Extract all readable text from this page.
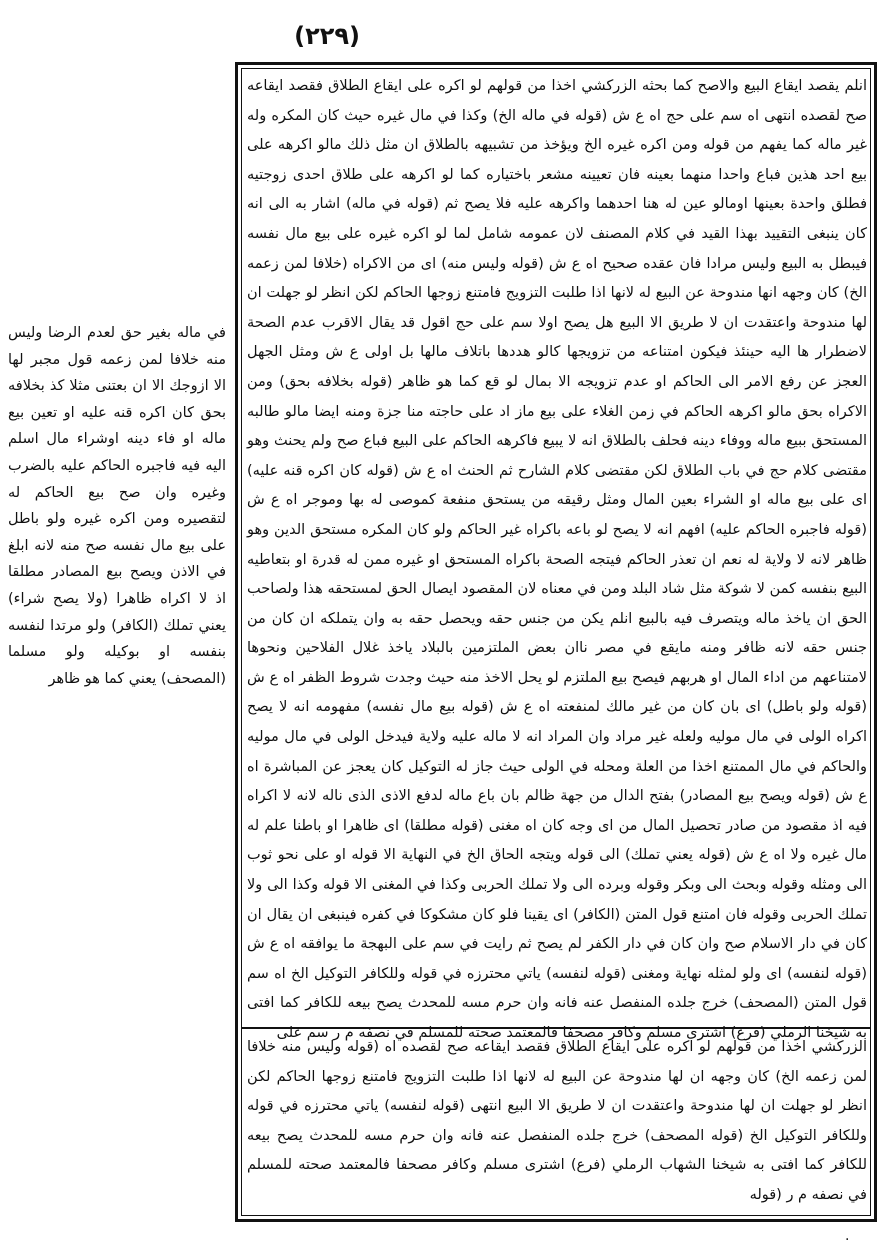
(٢٢٩)
انلم يقصد ايقاع البيع والاصح كما بحثه الزركشي اخذا من قولهم لو اكره على ايقاع الطلاق فقصد ايقاعه صح لقصده انتهى اه سم على حج اه ع ش (قوله في ماله الخ) وكذا في مال غيره حيث كان المكره وله غير ماله كما يفهم من قوله ومن اكره غيره الخ ويؤخذ من تشبيهه بالطلاق ان مثل ذلك مالو اكرهه على بيع احد هذين فباع واحدا منهما بعينه فان تعيينه مشعر باختياره كما لو اكرهه على طلاق احدى زوجتيه فطلق واحدة بعينها اومالو عين له هنا احدهما واكرهه عليه فلا يصح ثم (قوله في ماله) اشار به الى انه كان ينبغى التقييد بهذا القيد في كلام المصنف لان عمومه شامل لما لو اكره غيره على بيع مال نفسه فيبطل به البيع وليس مرادا فان عقده صحيح اه ع ش (قوله وليس منه) اى من الاكراه (خلافا لمن زعمه الخ) كان وجهه انها مندوحة عن البيع له لانها اذا طلبت التزويج فامتنع زوجها الحاكم لكن انظر لو جهلت ان لها مندوحة واعتقدت ان لا طريق الا البيع هل يصح اولا سم على حج اقول قد يقال الاقرب عدم الصحة لاضطرار ها اليه حينئذ فيكون امتناعه من تزويجها كالو هددها باتلاف مالها بل اولى ع ش ومثل الجهل العجز عن رفع الامر الى الحاكم او عدم تزويجه الا بمال لو قع كما هو ظاهر (قوله بخلافه بحق) ومن الاكراه بحق مالو اكرهه الحاكم في زمن الغلاء على بيع ماز اد على حاجته منا جزة ومنه ايضا مالو طالبه المستحق ببيع ماله ووفاء دينه فحلف بالطلاق انه لا يبيع فاكرهه الحاكم على البيع فباع صح ولم يحنث وهو مقتضى كلام حج في باب الطلاق لكن مقتضى كلام الشارح ثم الحنث اه ع ش (قوله كان اكره قنه عليه) اى على بيع ماله او الشراء بعين المال ومثل رقيقه من يستحق منفعة كموصى له بها وموجر اه ع ش (قوله فاجبره الحاكم عليه) افهم انه لا يصح لو باعه باكراه غير الحاكم ولو كان المكره مستحق الدين وهو ظاهر لانه لا ولاية له نعم ان تعذر الحاكم فيتجه الصحة باكراه المستحق او غيره ممن له قدرة او بتعاطيه البيع بنفسه كمن لا شوكة مثل شاد البلد ومن في معناه لان المقصود ايصال الحق لمستحقه هذا ولصاحب الحق ان ياخذ ماله ويتصرف فيه بالبيع انلم يكن من جنس حقه ويحصل حقه به وان يتملكه ان كان من جنس حقه لانه ظافر ومنه مايقع في مصر ناان بعض الملتزمين بالبلاد ياخذ غلال الفلاحين ونحوها لامتناعهم من اداء المال او هربهم فيصح بيع الملتزم لو يحل الاخذ منه حيث وجدت شروط الظفر اه ع ش (قوله ولو باطل) اى بان كان من غير مالك لمنفعته اه ع ش (قوله بيع مال نفسه) مفهومه انه لا يصح اكراه الولى في مال موليه ولعله غير مراد وان المراد انه لا ماله عليه ولاية فيدخل الولى في مال موليه والحاكم في مال الممتنع اخذا من العلة ومحله في الولى حيث جاز له التوكيل كان يعجز عن المباشرة اه ع ش (قوله ويصح بيع المصادر) بفتح الدال من جهة ظالم بان باع ماله لدفع الاذى الذى ناله لانه لا اكراه فيه اذ مقصود من صادر تحصيل المال من اى وجه كان اه مغنى (قوله مطلقا) اى ظاهرا او باطنا علم له مال غيره ولا اه ع ش (قوله يعني تملك) الى قوله ويتجه الحاق الخ في النهاية الا قوله او على نحو ثوب الى ومثله وقوله وبحث الى وبكر وقوله وبرده الى ولا تملك الحربى وكذا في المغنى الا قوله وكذا الى ولا تملك الحربى وقوله فان امتنع قول المتن (الكافر) اى يقينا فلو كان مشكوكا في كفره فينبغى ان يقال ان كان في دار الاسلام صح وان كان في دار الكفر لم يصح ثم رايت في سم على البهجة ما يوافقه اه ع ش (قوله لنفسه) اى ولو لمثله نهاية ومغنى (قوله لنفسه) ياتي محترزه في قوله وللكافر التوكيل الخ اه سم قول المتن (المصحف) خرج جلده المنفصل عنه فانه وان حرم مسه للمحدث يصح بيعه للكافر كما افتى به شيخنا الرملي (فرع) اشترى مسلم وكافر مصحفا فالمعتمد صحته للمسلم في نصفه م ر سم على
الزركشي اخذا من قولهم لو اكره على ايقاع الطلاق فقصد ايقاعه صح لقصده اه (قوله وليس منه خلافا لمن زعمه الخ) كان وجهه ان لها مندوحة عن البيع له لانها اذا طلبت التزويج فامتنع زوجها الحاكم لكن انظر لو جهلت ان لها مندوحة واعتقدت ان لا طريق الا البيع انتهى (قوله لنفسه) ياتي محترزه في قوله وللكافر التوكيل الخ (قوله المصحف) خرج جلده المنفصل عنه فانه وان حرم مسه للمحدث يصح بيعه للكافر كما افتى به شيخنا الشهاب الرملي (فرع) اشترى مسلم وكافر مصحفا فالمعتمد صحته للمسلم في نصفه م ر (قوله
في ماله بغير حق لعدم الرضا وليس منه خلافا لمن زعمه قول مجبر لها الا ازوجك الا ان بعتنى مثلا كذ بخلافه بحق كان اكره قنه عليه او تعين بيع ماله او فاء دينه اوشراء مال اسلم اليه فيه فاجبره الحاكم عليه بالضرب وغيره وان صح بيع الحاكم له لتقصيره ومن اكره غيره ولو باطل على بيع مال نفسه صح منه لانه ابلغ في الاذن ويصح بيع المصادر مطلقا اذ لا اكراه ظاهرا (ولا يصح شراء) يعني تملك (الكافر) ولو مرتدا لنفسه بنفسه او بوكيله ولو مسلما (المصحف) يعني كما هو ظاهر
·
